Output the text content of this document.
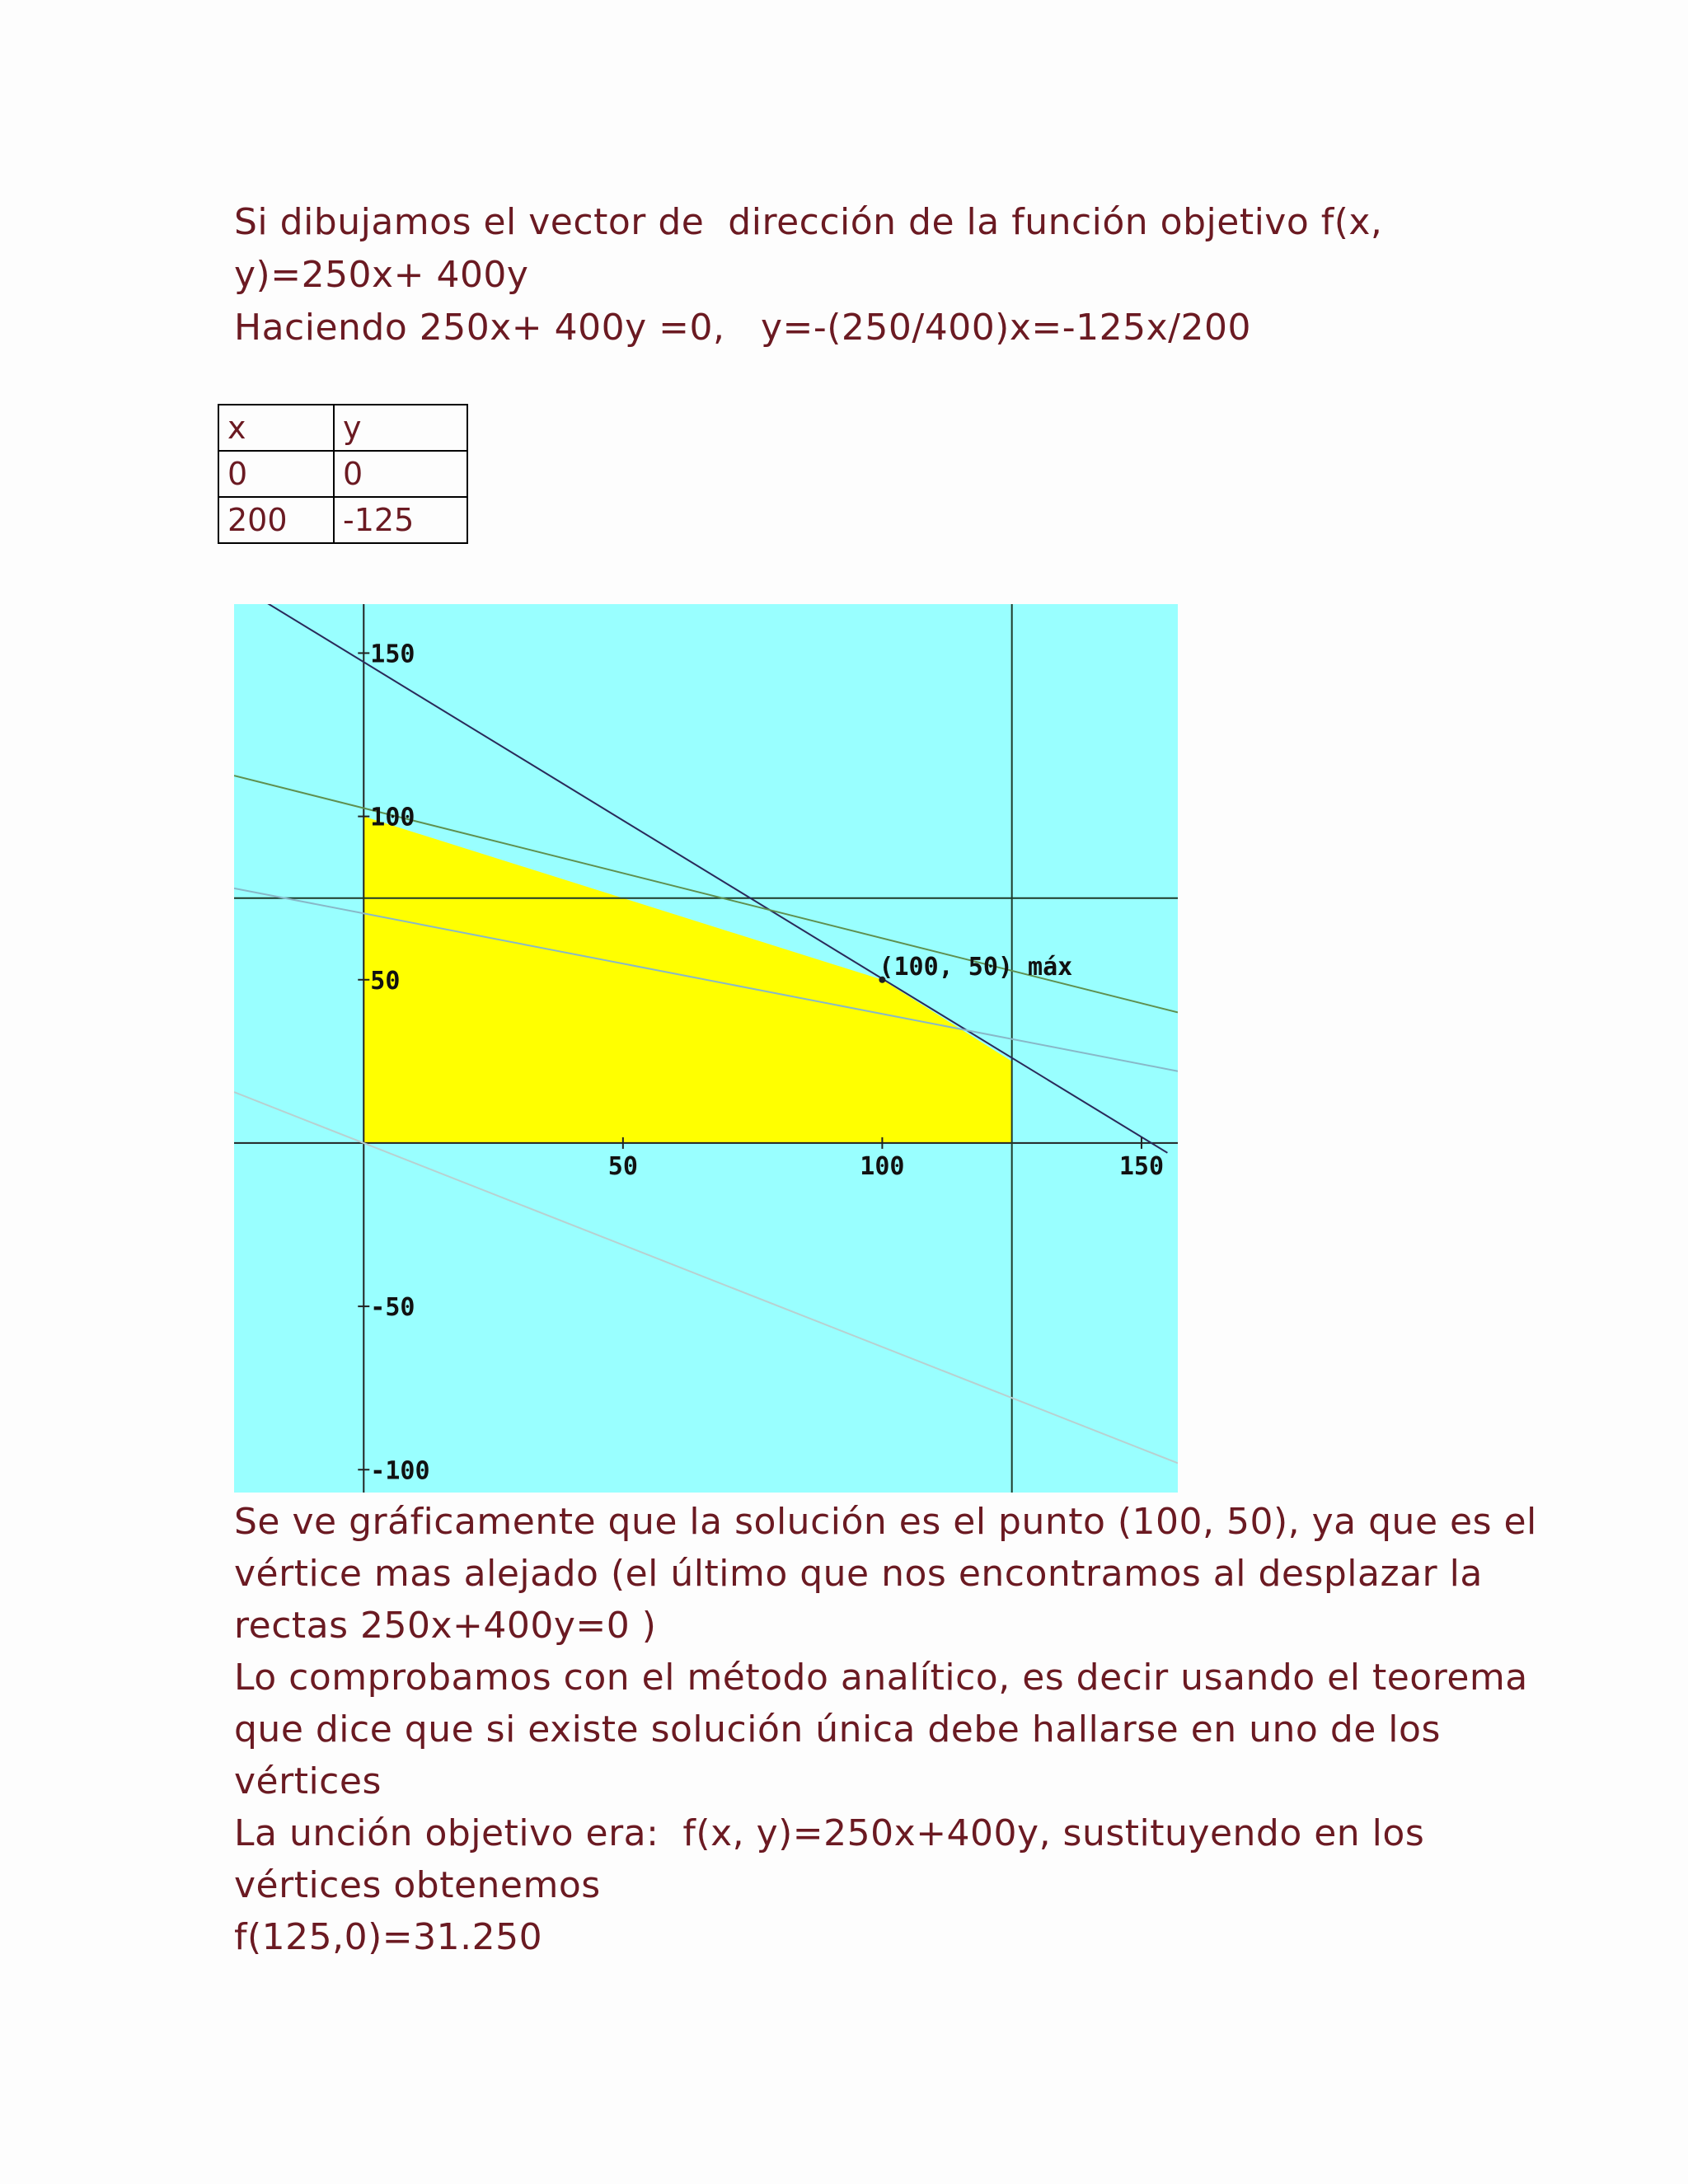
Si dibujamos el vector de  dirección de la función objetivo f(x,
y)=250x+ 400y
Haciendo 250x+ 400y =0,   y=-(250/400)x=-125x/200
x	y
0	0
200	-125
50	100	150
150
100
50
-50
-100
(100, 50) máx
Se ve gráficamente que la solución es el punto (100, 50), ya que es el
vértice mas alejado (el último que nos encontramos al desplazar la
rectas 250x+400y=0 )
Lo comprobamos con el método analítico, es decir usando el teorema
que dice que si existe solución única debe hallarse en uno de los
vértices
La unción objetivo era:  f(x, y)=250x+400y, sustituyendo en los
vértices obtenemos
f(125,0)=31.250
